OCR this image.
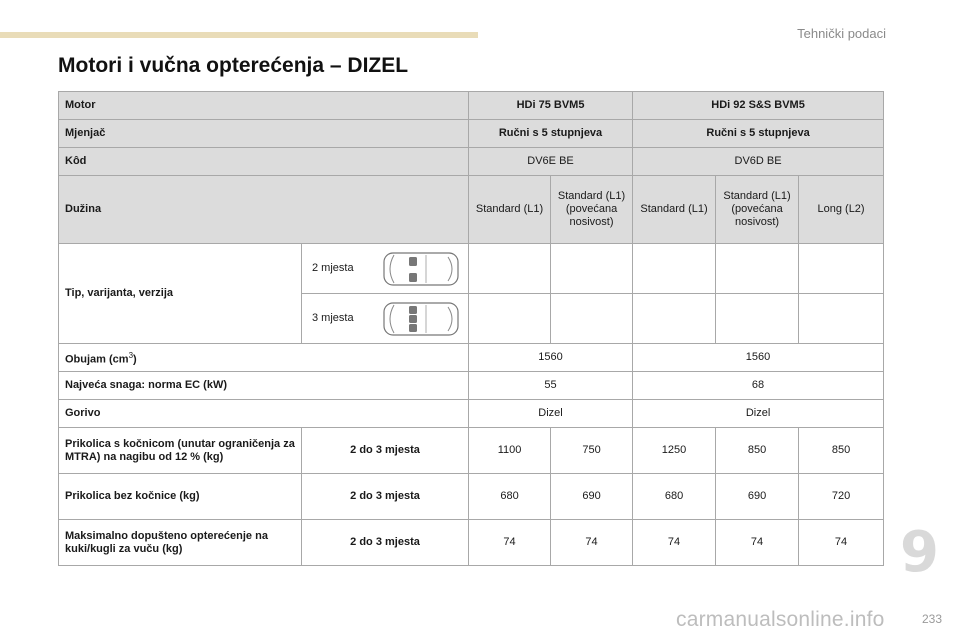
Tehnički podaci
Motori i vučna opterećenja – DIZEL
Motor		HDi 75 BVM5		HDi 92 S&S BVM5		
Mjenjač		Ručni s 5 stupnjeva		Ručni s 5 stupnjeva		
Kôd		DV6E BE		DV6D BE		
Dužina		Standard (L1)	Standard (L1) (povećana nosivost)	Standard (L1)	Standard (L1) (povećana nosivost)	Long (L2)
Tip, varijanta, verzija	2 mjesta					

	3 mjesta					

Obujam $(cm^3)$		1560		1560		
Najveća snaga: norma EC (kW)		55		68		
Gorivo		Dizel		Dizel		
Prikolica s kočnicom (unutar ograničenja za MTRA) na nagibu od 12 % (kg)	2 do 3 mjesta	1100	750	1250	850	850
Prikolica bez kočnice (kg)	2 do 3 mjesta	680	690	680	690	720
Maksimalno dopušteno opterećenje na kuki/kugli za vuču (kg)	2 do 3 mjesta	74	74	74	74	74 9
carmanualsonline.info	233
